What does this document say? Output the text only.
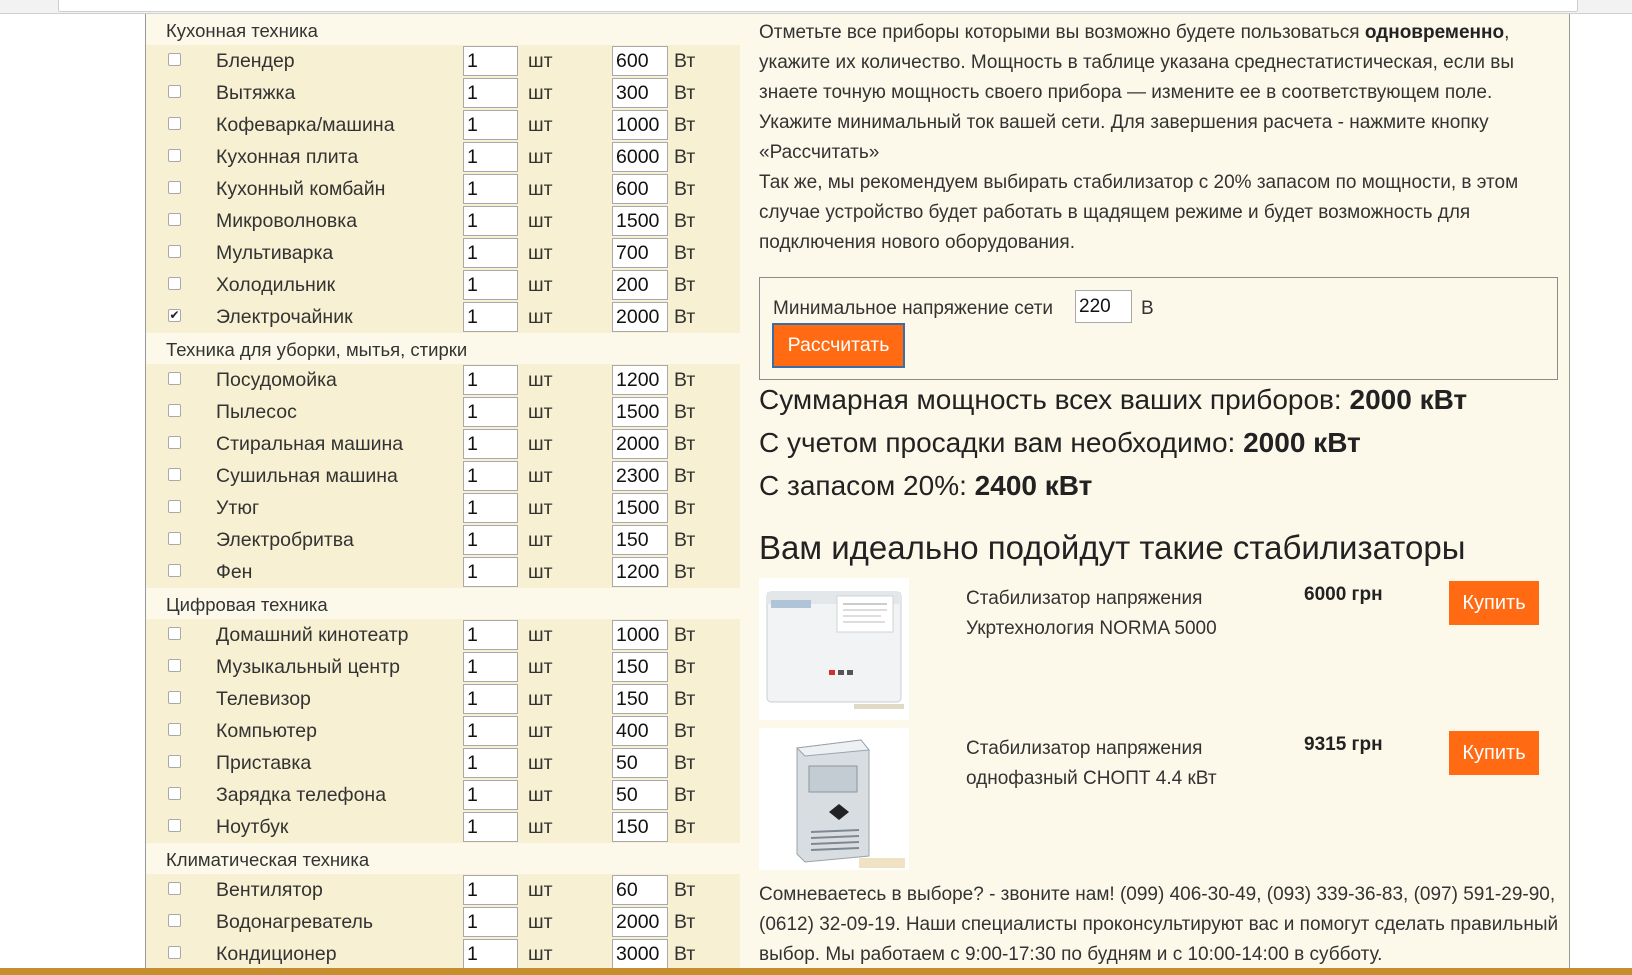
Кухонная техника
Блендер	1	шт	600	Вт
Вытяжка	1	шт	300	Вт
Кофеварка/машина	1	шт	1000 Вт
Кухонная плита	1	шт	6000 Вт
Кухонный комбайн	1	шт	600	Вт
Микроволновка	1	шт	1500 Вт
Мультиварка	1	шт	700	Вт
Холодильник	1	шт	200	Вт
✔ Электрочайник	1	шт	2000 Вт
Техника для уборки, мытья, стирки
Посудомойка	1	шт	1200 Вт
Пылесос	1	шт	1500 Вт
Стиральная машина	1	шт	2000 Вт
Сушильная машина	1	шт	2300 Вт
Утюг	1	шт	1500 Вт
Электробритва	1	шт	150	Вт
Фен	1	шт	1200 Вт
Цифровая техника
Домашний кинотеатр	1	шт	1000 Вт
Музыкальный центр	1	шт	150	Вт
Телевизор	1	шт	150	Вт
Компьютер	1	шт	400	Вт
Приставка	1	шт	50	Вт
Зарядка телефона	1	шт	50	Вт
Ноутбук	1	шт	150	Вт
Климатическая техника
Вентилятор	1	шт	60	Вт
Водонагреватель	1	шт	2000 Вт
Кондиционер	1	шт	3000 Вт
Отметьте все приборы которыми вы возможно будете пользоваться одновременно, укажите их количество. Мощность в таблице указана среднестатистическая, если вы знаете точную мощность своего прибора — измените ее в соответствующем поле. Укажите минимальный ток вашей сети. Для завершения расчета - нажмите кнопку «Рассчитать»
Так же, мы рекомендуем выбирать стабилизатор с 20% запасом по мощности, в этом случае устройство будет работать в щадящем режиме и будет возможность для подключения нового оборудования.
Минимальное напряжение сети 220	В
Рассчитать
Суммарная мощность всех ваших приборов: 2000 кВт
С учетом просадки вам необходимо: 2000 кВт
С запасом 20%: 2400 кВт
Вам идеально подойдут такие стабилизаторы
Стабилизатор напряжения Укртехнология NORMA 5000
6000 грн	Купить
Стабилизатор напряжения однофазный СНОПТ 4.4 кВт
9315 грн	Купить
Сомневаетесь в выборе? - звоните нам! (099) 406-30-49, (093) 339-36-83, (097) 591-29-90, (0612) 32-09-19. Наши специалисты проконсультируют вас и помогут сделать правильный выбор. Мы работаем с 9:00-17:30 по будням и с 10:00-14:00 в субботу.
